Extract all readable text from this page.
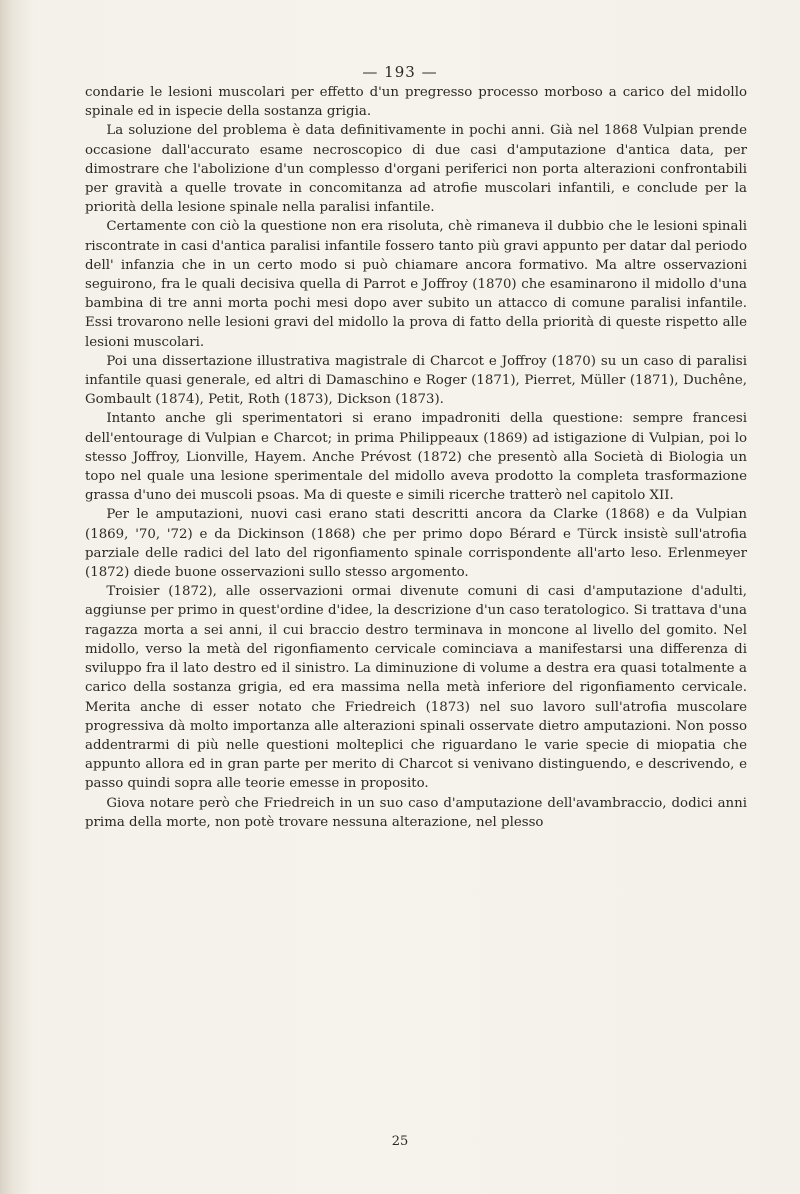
— 193 —

condarie le lesioni muscolari per effetto d'un pregresso processo morboso a carico del midollo spinale ed in ispecie della sostanza grigia.

La soluzione del problema è data definitivamente in pochi anni. Già nel 1868 Vulpian prende occasione dall'accurato esame necroscopico di due casi d'amputazione d'antica data, per dimostrare che l'abolizione d'un complesso d'organi periferici non porta alterazioni confrontabili per gravità a quelle trovate in concomitanza ad atrofie muscolari infantili, e conclude per la priorità della lesione spinale nella paralisi infantile.

Certamente con ciò la questione non era risoluta, chè rimaneva il dubbio che le lesioni spinali riscontrate in casi d'antica paralisi infantile fossero tanto più gravi appunto per datar dal periodo dell' infanzia che in un certo modo si può chiamare ancora formativo. Ma altre osservazioni seguirono, fra le quali decisiva quella di Parrot e Joffroy (1870) che esaminarono il midollo d'una bambina di tre anni morta pochi mesi dopo aver subito un attacco di comune paralisi infantile. Essi trovarono nelle lesioni gravi del midollo la prova di fatto della priorità di queste rispetto alle lesioni muscolari.

Poi una dissertazione illustrativa magistrale di Charcot e Joffroy (1870) su un caso di paralisi infantile quasi generale, ed altri di Damaschino e Roger (1871), Pierret, Müller (1871), Duchêne, Gombault (1874), Petit, Roth (1873), Dickson (1873).

Intanto anche gli sperimentatori si erano impadroniti della questione: sempre francesi dell'entourage di Vulpian e Charcot; in prima Philippeaux (1869) ad istigazione di Vulpian, poi lo stesso Joffroy, Lionville, Hayem. Anche Prévost (1872) che presentò alla Società di Biologia un topo nel quale una lesione sperimentale del midollo aveva prodotto la completa trasformazione grassa d'uno dei muscoli psoas. Ma di queste e simili ricerche tratterò nel capitolo XII.

Per le amputazioni, nuovi casi erano stati descritti ancora da Clarke (1868) e da Vulpian (1869, '70, '72) e da Dickinson (1868) che per primo dopo Bérard e Türck insistè sull'atrofia parziale delle radici del lato del rigonfiamento spinale corrispondente all'arto leso. Erlenmeyer (1872) diede buone osservazioni sullo stesso argomento.

Troisier (1872), alle osservazioni ormai divenute comuni di casi d'amputazione d'adulti, aggiunse per primo in quest'ordine d'idee, la descrizione d'un caso teratologico. Si trattava d'una ragazza morta a sei anni, il cui braccio destro terminava in moncone al livello del gomito. Nel midollo, verso la metà del rigonfiamento cervicale cominciava a manifestarsi una differenza di sviluppo fra il lato destro ed il sinistro. La diminuzione di volume a destra era quasi totalmente a carico della sostanza grigia, ed era massima nella metà inferiore del rigonfiamento cervicale. Merita anche di esser notato che Friedreich (1873) nel suo lavoro sull'atrofia muscolare progressiva dà molto importanza alle alterazioni spinali osservate dietro amputazioni. Non posso addentrarmi di più nelle questioni molteplici che riguardano le varie specie di miopatia che appunto allora ed in gran parte per merito di Charcot si venivano distinguendo, e descrivendo, e passo quindi sopra alle teorie emesse in proposito.

Giova notare però che Friedreich in un suo caso d'amputazione dell'avambraccio, dodici anni prima della morte, non potè trovare nessuna alterazione, nel plesso

25
